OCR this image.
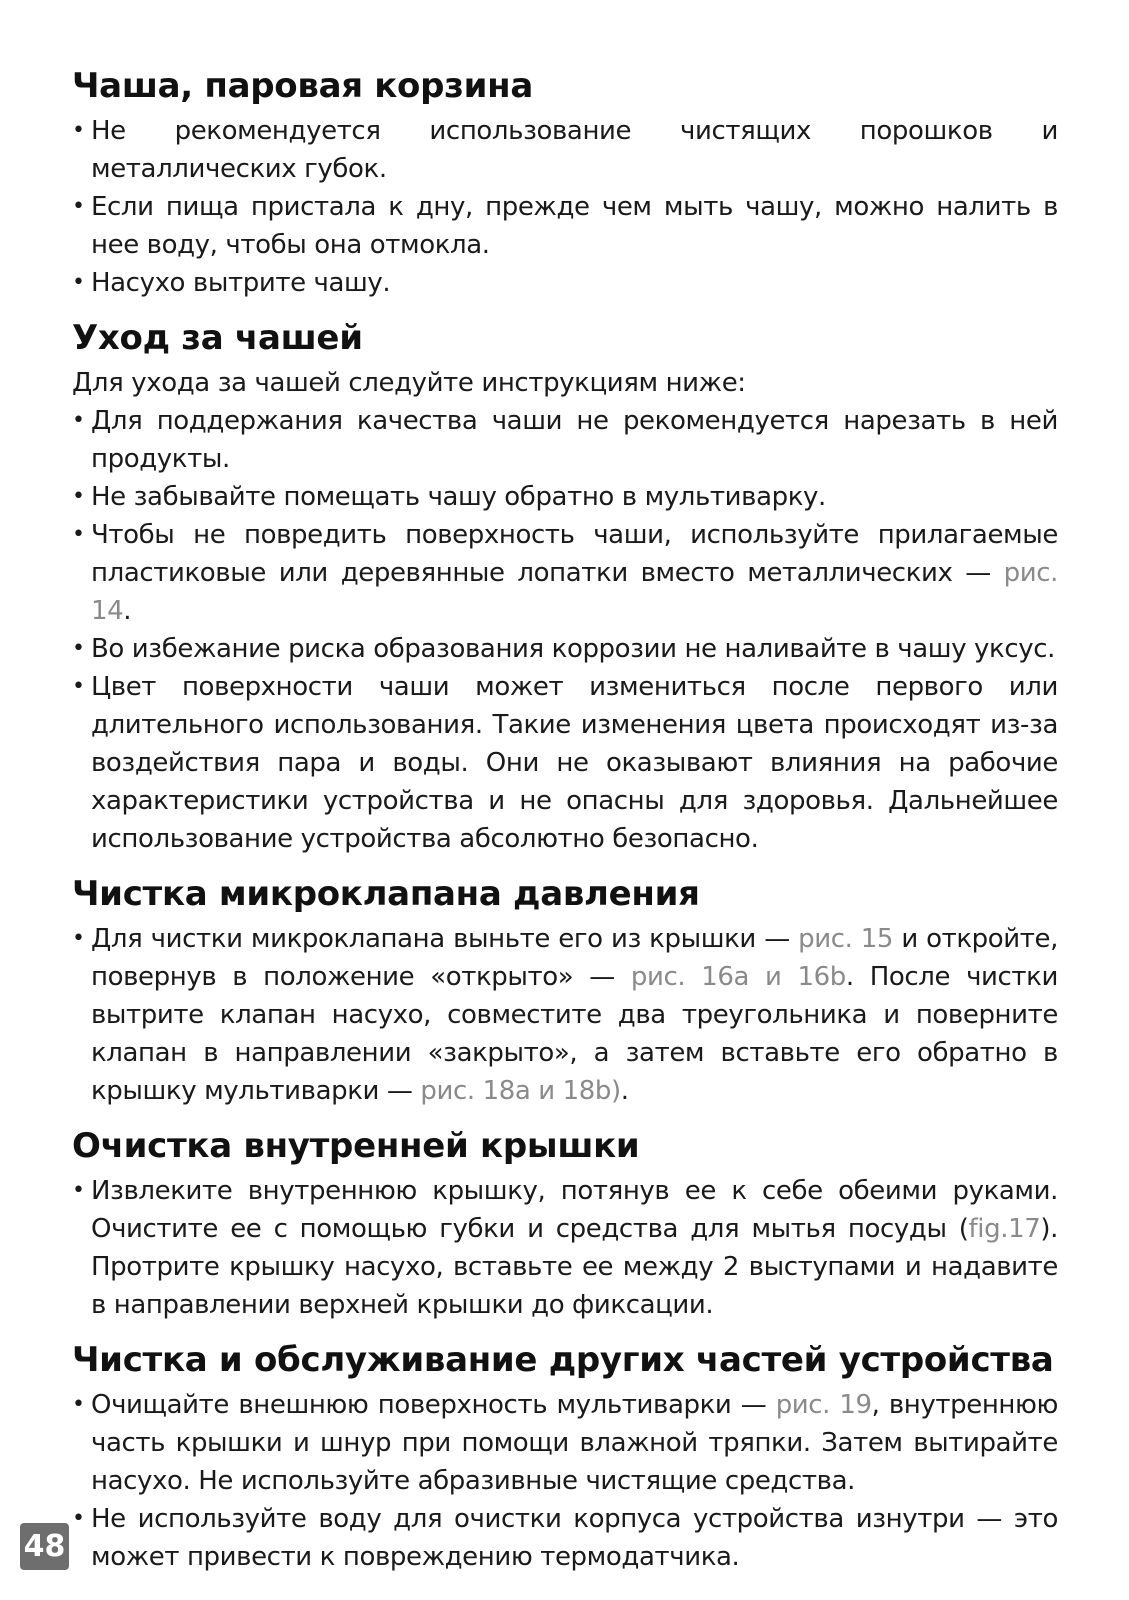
Чаша, паровая корзина
• Не рекомендуется использование чистящих порошков и металлических губок.
• Если пища пристала к дну, прежде чем мыть чашу, можно налить в нее воду, чтобы она отмокла.
• Насухо вытрите чашу.
Уход за чашей

Для ухода за чашей следуйте инструкциям ниже:

• Для поддержания качества чаши не рекомендуется нарезать в ней продукты.
• Не забывайте помещать чашу обратно в мультиварку.
• Чтобы не повредить поверхность чаши, используйте прилагаемые пластиковые или деревянные лопатки вместо металлических — рис. 14.
• Во избежание риска образования коррозии не наливайте в чашу уксус.
• Цвет поверхности чаши может измениться после первого или длительного использования. Такие изменения цвета происходят из-за воздействия пара и воды. Они не оказывают влияния на рабочие характеристики устройства и не опасны для здоровья. Дальнейшее использование устройства абсолютно безопасно.
Чистка микроклапана давления
• Для чистки микроклапана выньте его из крышки — рис. 15 и откройте, повернув в положение «открыто» — рис. 16a и 16b. После чистки вытрите клапан насухо, совместите два треугольника и поверните клапан в направлении «закрыто», а затем вставьте его обратно в крышку мультиварки — рис. 18a и 18b).
Очистка внутренней крышки
• Извлеките внутреннюю крышку, потянув ее к себе обеими руками. Очистите ее с помощью губки и средства для мытья посуды (fig.17). Протрите крышку насухо, вставьте ее между 2 выступами и надавите в направлении верхней крышки до фиксации.
Чистка и обслуживание других частей устройства
• Очищайте внешнюю поверхность мультиварки — рис. 19, внутреннюю часть крышки и шнур при помощи влажной тряпки. Затем вытирайте насухо. Не используйте абразивные чистящие средства.
• Не используйте воду для очистки корпуса устройства изнутри — это может привести к повреждению термодатчика.
48
